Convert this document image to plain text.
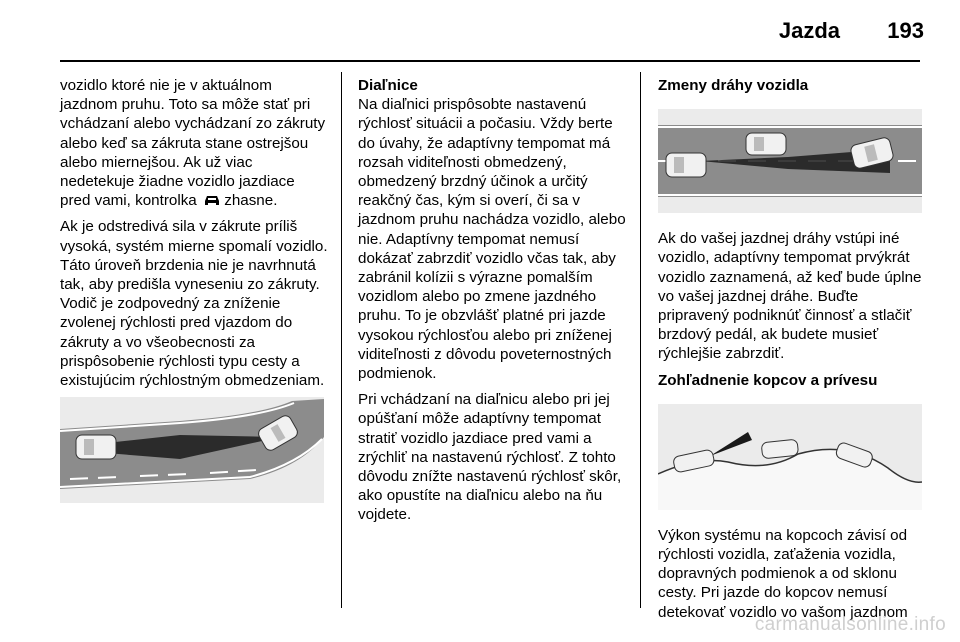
Jazda 193

vozidlo ktoré nie je v aktuálnom jazdnom pruhu. Toto sa môže stať pri vchádzaní alebo vychádzaní zo zákruty alebo keď sa zákruta stane ostrejšou alebo miernejšou. Ak už viac nedetekuje žiadne vozidlo jazdiace pred vami, kontrolka zhasne.

Ak je odstredivá sila v zákrute príliš vysoká, systém mierne spomalí vozidlo. Táto úroveň brzdenia nie je navrhnutá tak, aby predišla vyneseniu zo zákruty. Vodič je zodpovedný za zníženie zvolenej rýchlosti pred vjazdom do zákruty a vo všeobecnosti za prispôsobenie rýchlosti typu cesty a existujúcim rýchlostným obmedzeniam.

Diaľnice

Na diaľnici prispôsobte nastavenú rýchlosť situácii a počasiu. Vždy berte do úvahy, že adaptívny tempomat má rozsah viditeľnosti obmedzený, obmedzený brzdný účinok a určitý reakčný čas, kým si overí, či sa v jazdnom pruhu nachádza vozidlo, alebo nie. Adaptívny tempomat nemusí dokázať zabrzdiť vozidlo včas tak, aby zabránil kolízii s výrazne pomalším vozidlom alebo po zmene jazdného pruhu. To je obzvlášť platné pri jazde vysokou rýchlosťou alebo pri zníženej viditeľnosti z dôvodu poveternostných podmienok.

Pri vchádzaní na diaľnicu alebo pri jej opúšťaní môže adaptívny tempomat stratiť vozidlo jazdiace pred vami a zrýchliť na nastavenú rýchlosť. Z tohto dôvodu znížte nastavenú rýchlosť skôr, ako opustíte na diaľnicu alebo na ňu vojdete.

Zmeny dráhy vozidla

Ak do vašej jazdnej dráhy vstúpi iné vozidlo, adaptívny tempomat prvýkrát vozidlo zaznamená, až keď bude úplne vo vašej jazdnej dráhe. Buďte pripravený podniknúť činnosť a stlačiť brzdový pedál, ak budete musieť rýchlejšie zabrzdiť.

Zohľadnenie kopcov a prívesu

Výkon systému na kopcoch závisí od rýchlosti vozidla, zaťaženia vozidla, dopravných podmienok a od sklonu cesty. Pri jazde do kopcov nemusí detekovať vozidlo vo vašom jazdnom

carmanualsonline.info
